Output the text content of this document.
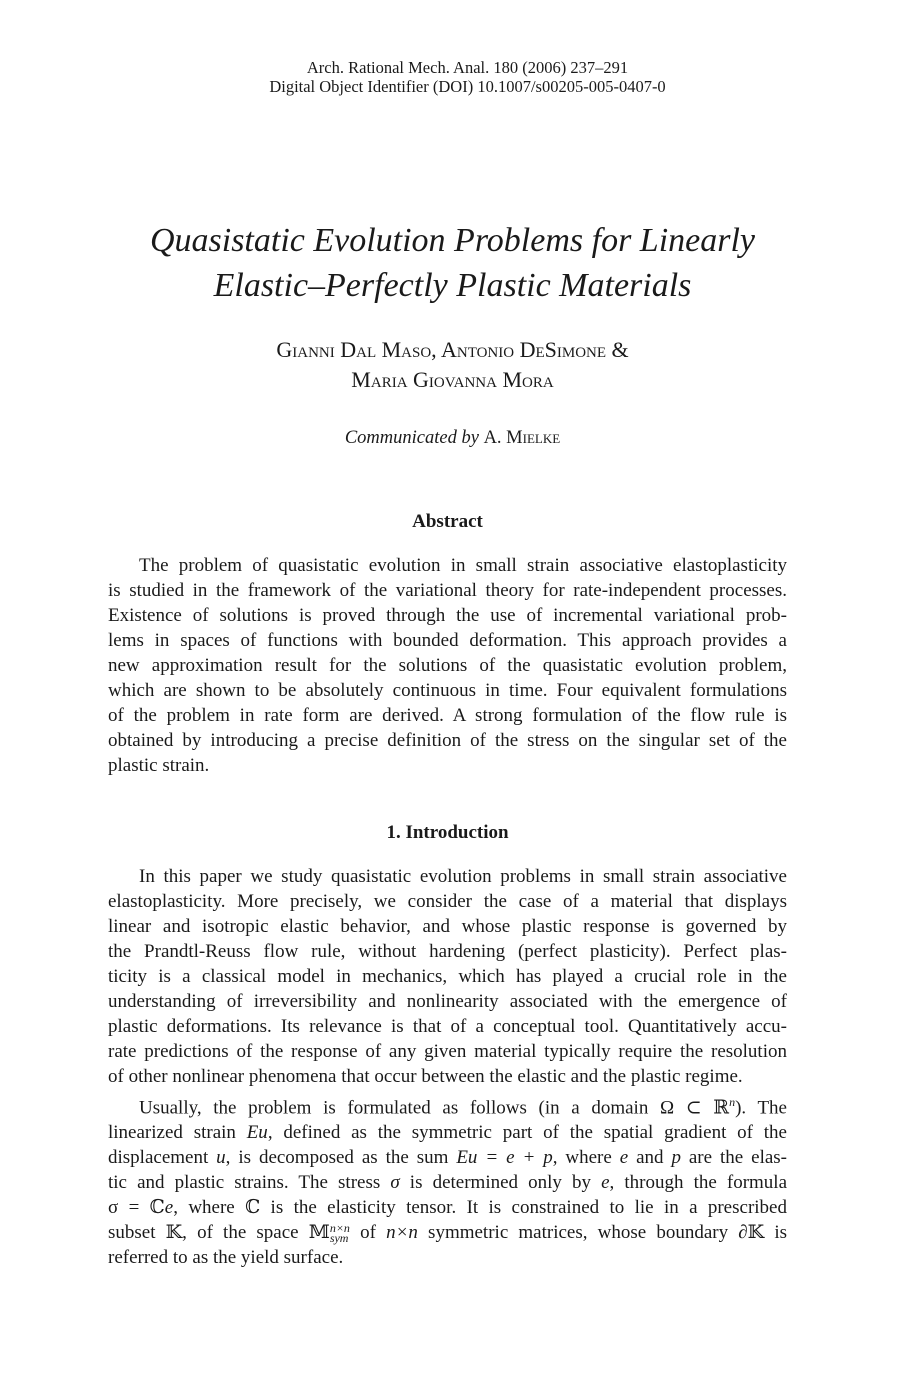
Arch. Rational Mech. Anal. 180 (2006) 237–291
Digital Object Identifier (DOI) 10.1007/s00205-005-0407-0
Quasistatic Evolution Problems for Linearly
Elastic–Perfectly Plastic Materials
Gianni Dal Maso, Antonio DeSimone &
Maria Giovanna Mora
Communicated by A. Mielke
Abstract
The problem of quasistatic evolution in small strain associative elastoplasticity
is studied in the framework of the variational theory for rate-independent processes.
Existence of solutions is proved through the use of incremental variational prob-
lems in spaces of functions with bounded deformation. This approach provides a
new approximation result for the solutions of the quasistatic evolution problem,
which are shown to be absolutely continuous in time. Four equivalent formulations
of the problem in rate form are derived. A strong formulation of the flow rule is
obtained by introducing a precise definition of the stress on the singular set of the
plastic strain.
1. Introduction
In this paper we study quasistatic evolution problems in small strain associative
elastoplasticity. More precisely, we consider the case of a material that displays
linear and isotropic elastic behavior, and whose plastic response is governed by
the Prandtl-Reuss flow rule, without hardening (perfect plasticity). Perfect plas-
ticity is a classical model in mechanics, which has played a crucial role in the
understanding of irreversibility and nonlinearity associated with the emergence of
plastic deformations. Its relevance is that of a conceptual tool. Quantitatively accu-
rate predictions of the response of any given material typically require the resolution
of other nonlinear phenomena that occur between the elastic and the plastic regime.
Usually, the problem is formulated as follows (in a domain Ω ⊂ ℝ$^n$). The
linearized strain Eu, defined as the symmetric part of the spatial gradient of the
displacement u, is decomposed as the sum Eu = e + p, where e and p are the elas-
tic and plastic strains. The stress σ is determined only by e, through the formula
σ = ℂe, where ℂ is the elasticity tensor. It is constrained to lie in a prescribed
subset 𝕂, of the space 𝕄 n×n
sym of n×n symmetric matrices, whose boundary ∂𝕂 is
referred to as the yield surface.
